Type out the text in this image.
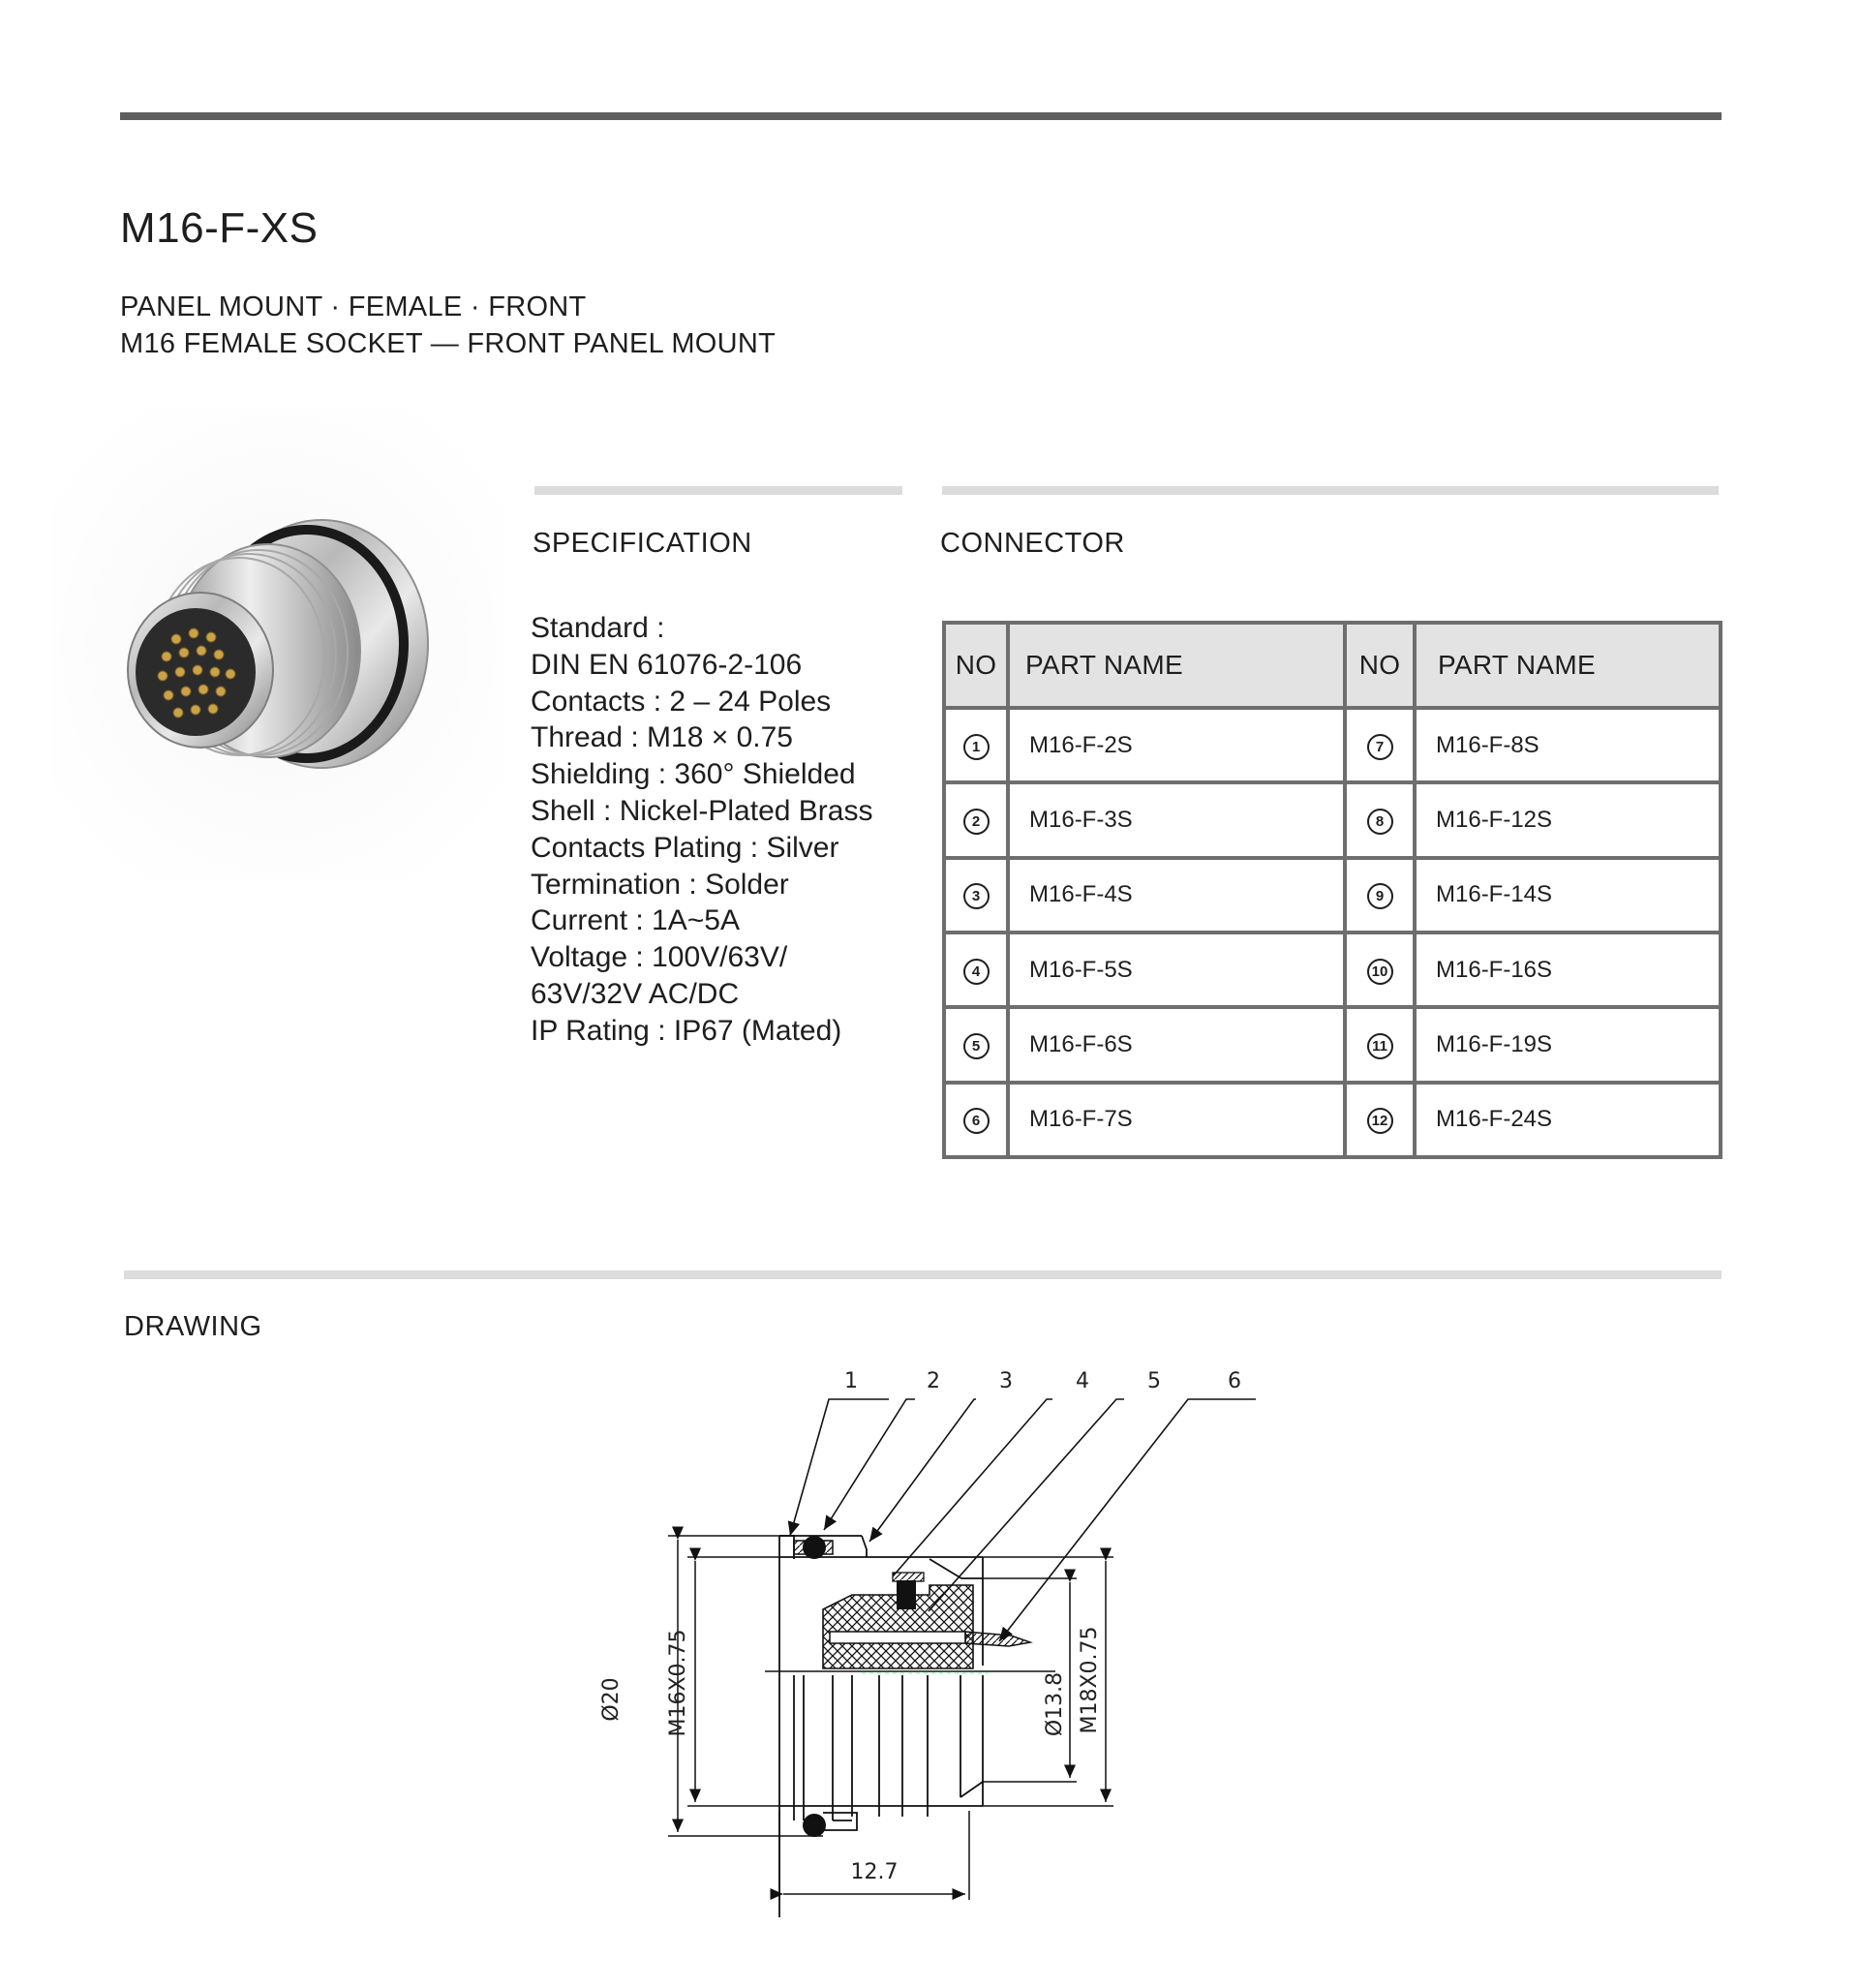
M16-F-XS
PANEL MOUNT · FEMALE · FRONT
M16 FEMALE SOCKET — FRONT PANEL MOUNT
SPECIFICATION
Standard :
DIN EN 61076-2-106
Contacts : 2 – 24 Poles
Thread : M18 × 0.75
Shielding : 360° Shielded
Shell : Nickel-Plated Brass
Contacts Plating : Silver
Termination : Solder
Current : 1A~5A
Voltage : 100V/63V/
63V/32V AC/DC
IP Rating : IP67 (Mated)
CONNECTOR
NO	PART NAME	NO	PART NAME
1	M16-F-2S	7	M16-F-8S
2	M16-F-3S	8	M16-F-12S
3	M16-F-4S	9	M16-F-14S
4	M16-F-5S	10	M16-F-16S
5	M16-F-6S	11	M16-F-19S
6	M16-F-7S	12	M16-F-24S
DRAWING
1	2	3	4	5	6
Ø20 M16X0.75	Ø13.8 M18X0.75
12.7
